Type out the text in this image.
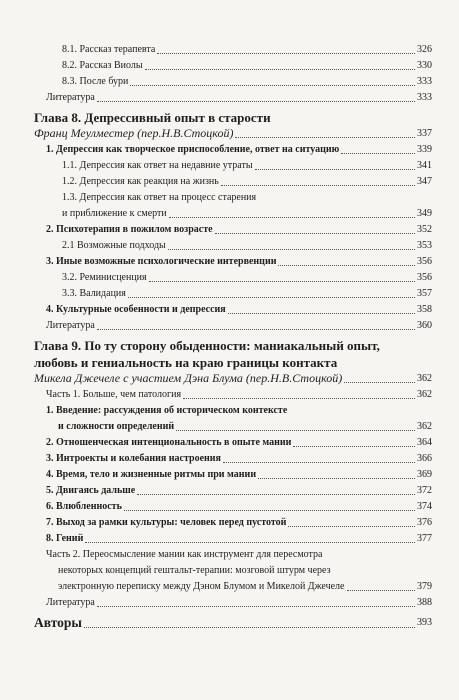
8.1. Рассказ терапевта	326
8.2. Рассказ Виолы	330
8.3. После бури	333
Литература	333
Глава 8. Депрессивный опыт в старости
Франц Меулместер (пер.Н.В.Стоцкой)	337
1. Депрессия как творческое приспособление, ответ на ситуацию	339
1.1. Депрессия как ответ на недавние утраты	341
1.2. Депрессия как реакция на жизнь	347
1.3. Депрессия как ответ на процесс старения
и приближение к смерти	349
2. Психотерапия в пожилом возрасте	352
2.1 Возможные подходы	353
3. Иные возможные психологические интервенции	356
3.2. Реминисценция	356
3.3. Валидация	357
4. Культурные особенности и депрессия	358
Литература	360
Глава 9. По ту сторону обыденности: маниакальный опыт,
любовь и гениальность на краю границы контакта
Микела Джечеле с участием Дэна Блума (пер.Н.В.Стоцкой)	362
Часть 1. Больше, чем патология	362
1. Введение: рассуждения об историческом контексте
и сложности определений	362
2. Отношенческая интенциональность в опыте мании	364
3. Интроекты и колебания настроения	366
4. Время, тело и жизненные ритмы при мании	369
5. Двигаясь дальше	372
6. Влюбленность	374
7. Выход за рамки культуры: человек перед пустотой	376
8. Гений	377
Часть 2. Переосмысление мании как инструмент для пересмотра
некоторых концепций гештальт-терапии: мозговой штурм через
электронную переписку между Дэном Блумом и Микелой Джечеле	379
Литература	388
Авторы	393
